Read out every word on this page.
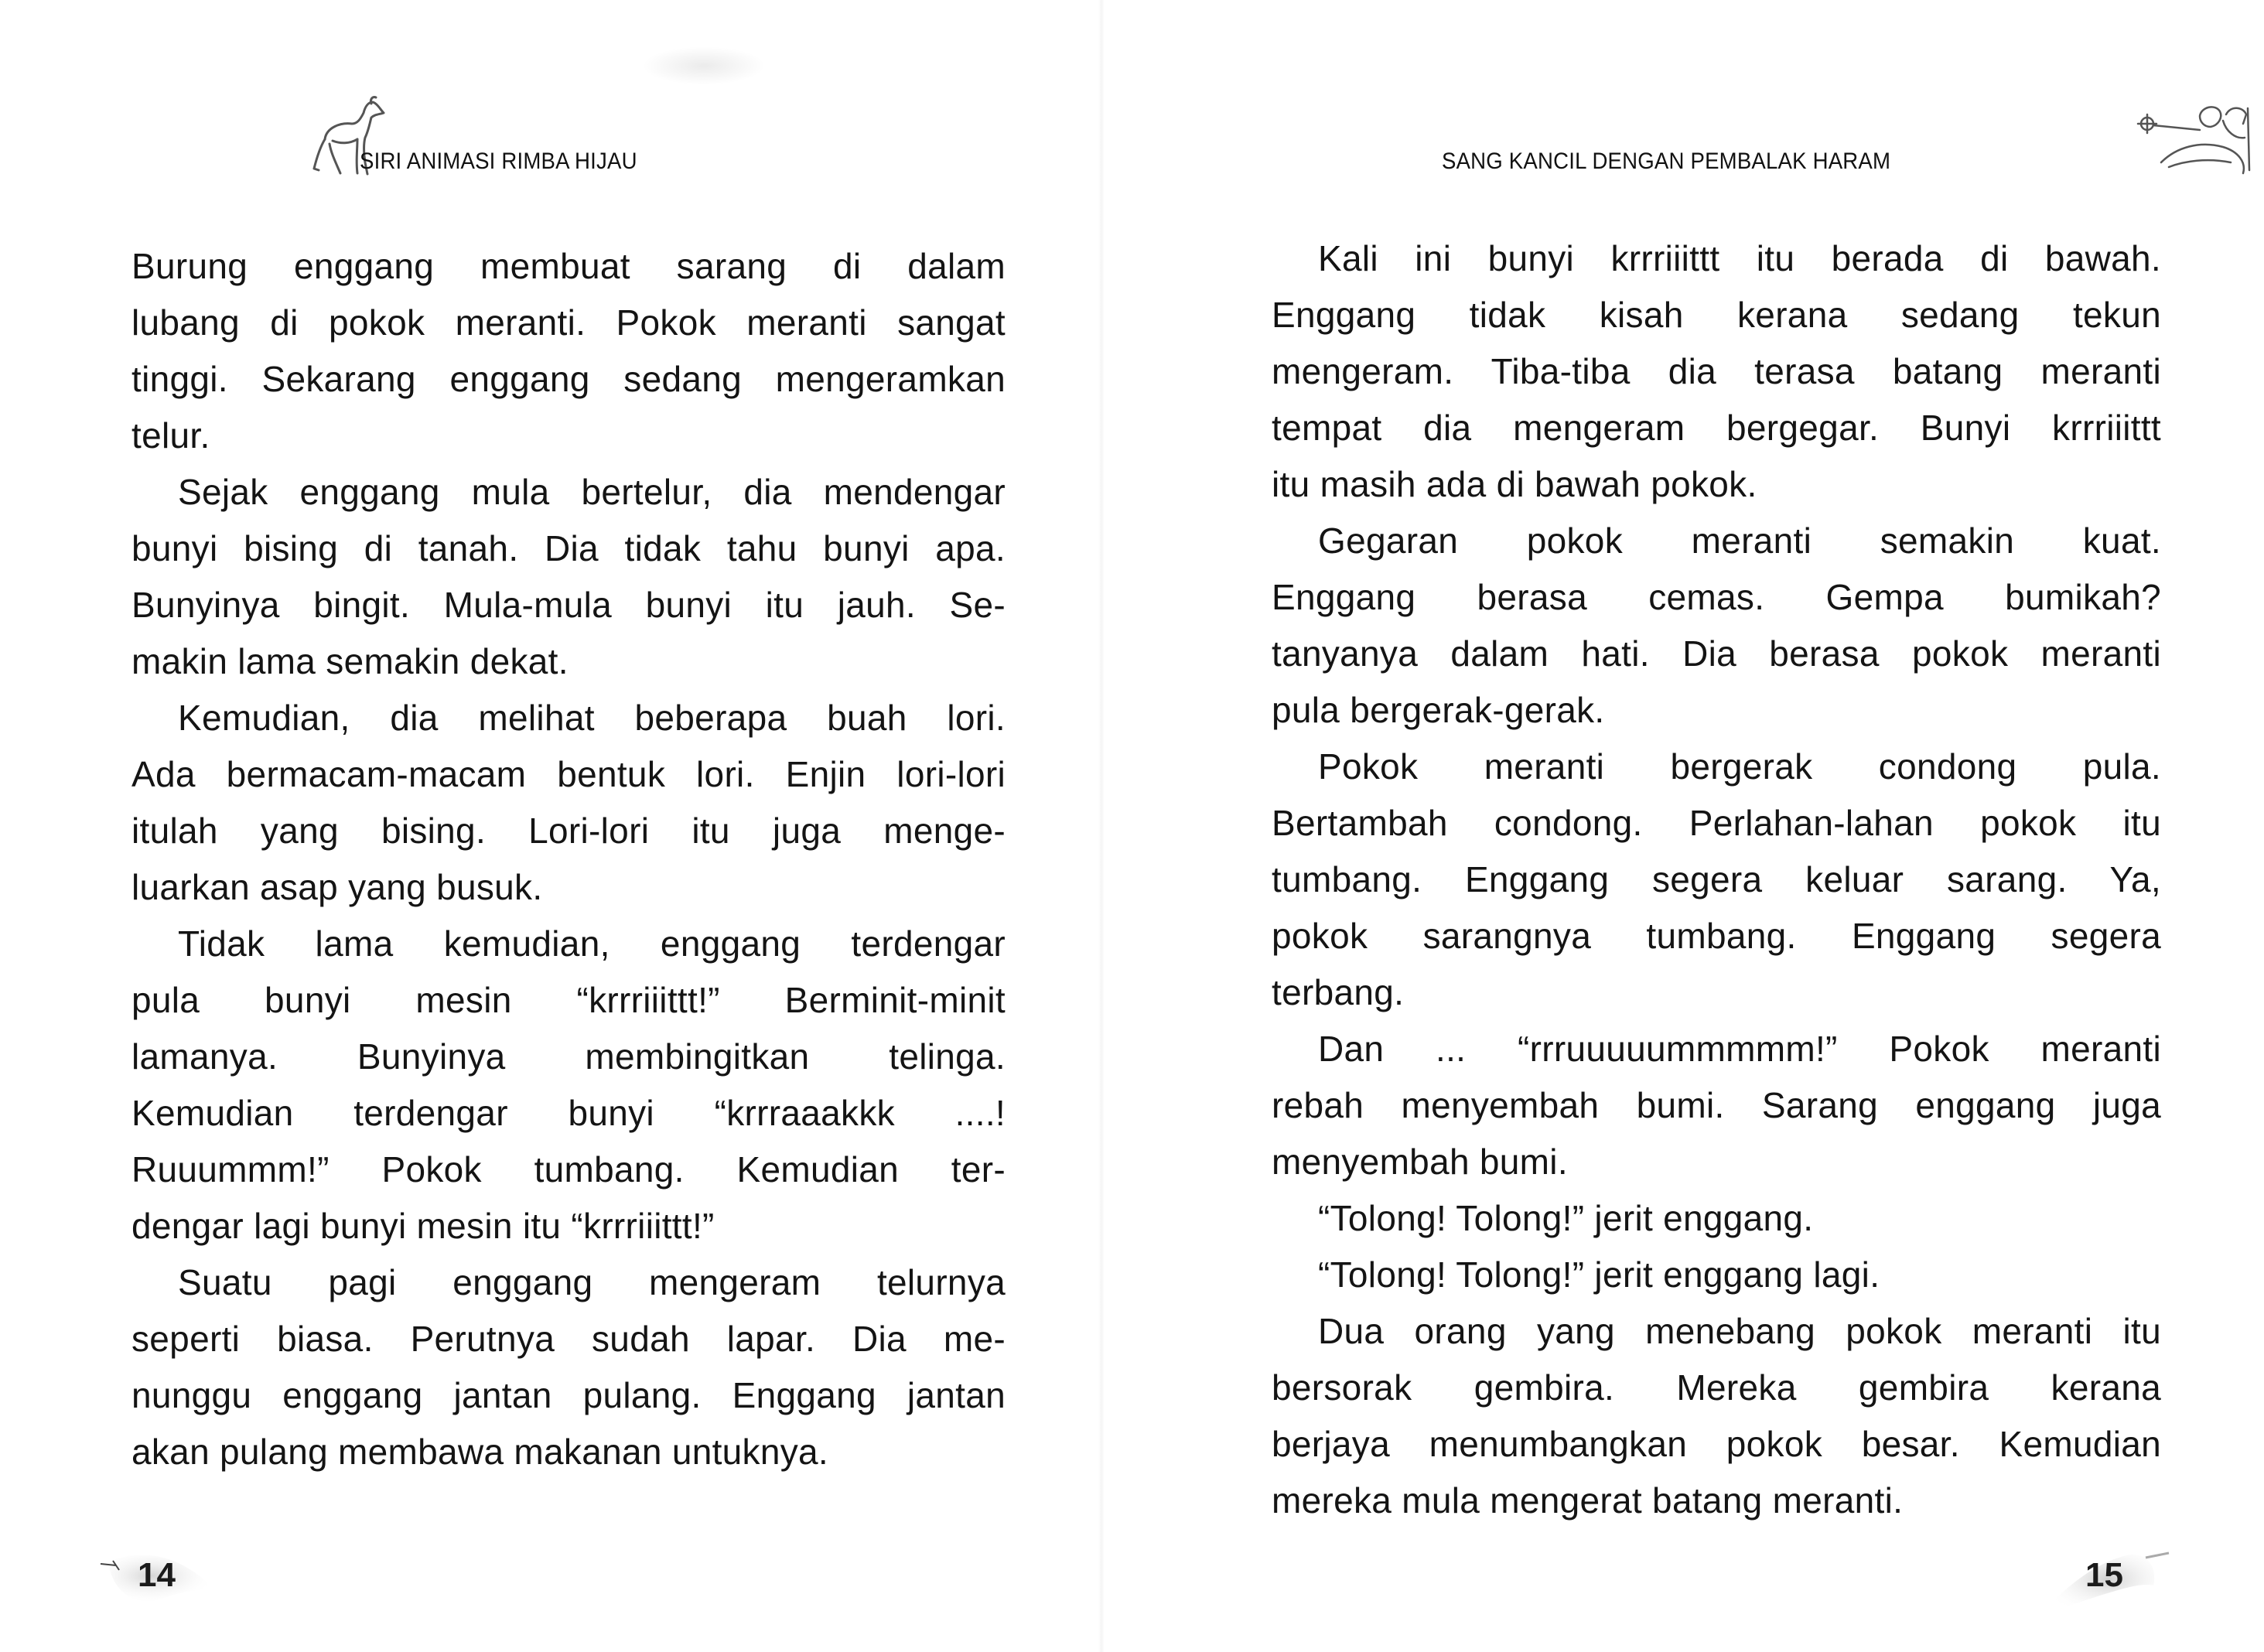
SIRI ANIMASI RIMBA HIJAU
Burung enggang membuat sarang di dalam
lubang di pokok meranti. Pokok meranti sangat
tinggi. Sekarang enggang sedang mengeramkan
telur.
Sejak enggang mula bertelur, dia mendengar
bunyi bising di tanah. Dia tidak tahu bunyi apa.
Bunyinya bingit. Mula-mula bunyi itu jauh. Se-
makin lama semakin dekat.
Kemudian, dia melihat beberapa buah lori.
Ada bermacam-macam bentuk lori. Enjin lori-lori
itulah yang bising. Lori-lori itu juga menge-
luarkan asap yang busuk.
Tidak lama kemudian, enggang terdengar
pula bunyi mesin “krrriiittt!” Berminit-minit
lamanya. Bunyinya membingitkan telinga.
Kemudian terdengar bunyi “krrraaakkk ....!
Ruuummm!” Pokok tumbang. Kemudian ter-
dengar lagi bunyi mesin itu “krrriiittt!”
Suatu pagi enggang mengeram telurnya
seperti biasa. Perutnya sudah lapar. Dia me-
nunggu enggang jantan pulang. Enggang jantan
akan pulang membawa makanan untuknya.
14
SANG KANCIL DENGAN PEMBALAK HARAM
Kali ini bunyi krrriiittt itu berada di bawah.
Enggang tidak kisah kerana sedang tekun
mengeram. Tiba-tiba dia terasa batang meranti
tempat dia mengeram bergegar. Bunyi krrriiittt
itu masih ada di bawah pokok.
Gegaran pokok meranti semakin kuat.
Enggang berasa cemas. Gempa bumikah?
tanyanya dalam hati. Dia berasa pokok meranti
pula bergerak-gerak.
Pokok meranti bergerak condong pula.
Bertambah condong. Perlahan-lahan pokok itu
tumbang. Enggang segera keluar sarang. Ya,
pokok sarangnya tumbang. Enggang segera
terbang.
Dan ... “rrruuuuummmmm!” Pokok meranti
rebah menyembah bumi. Sarang enggang juga
menyembah bumi.
“Tolong! Tolong!” jerit enggang.
“Tolong! Tolong!” jerit enggang lagi.
Dua orang yang menebang pokok meranti itu
bersorak gembira. Mereka gembira kerana
berjaya menumbangkan pokok besar. Kemudian
mereka mula mengerat batang meranti.
15
